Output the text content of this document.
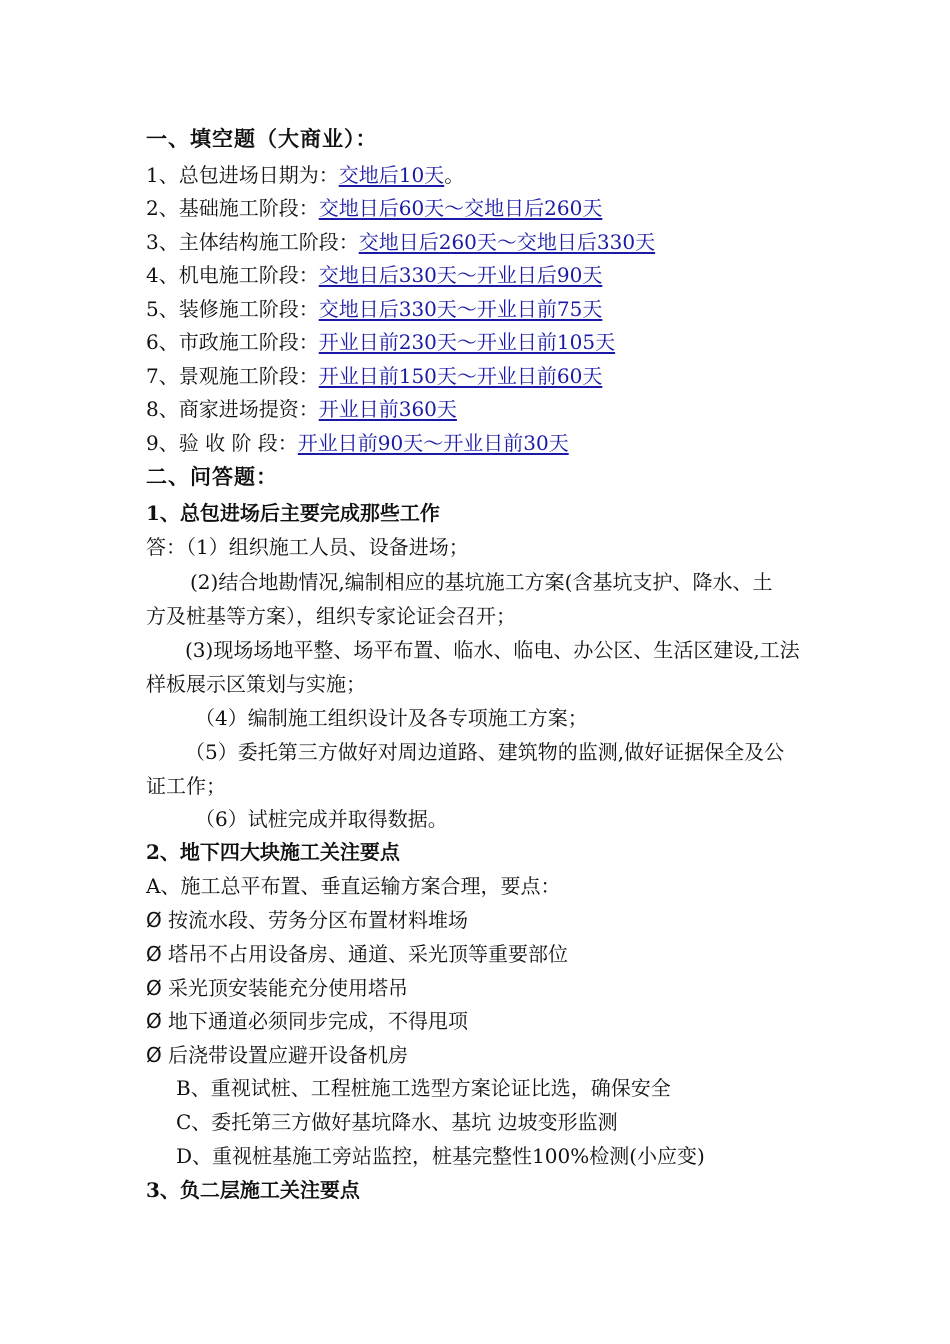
一、填空题（大商业）：
1、总包进场日期为：交地后10天。
2、基础施工阶段：交地日后60天～交地日后260天
3、主体结构施工阶段：交地日后260天～交地日后330天
4、机电施工阶段：交地日后330天～开业日后90天
5、装修施工阶段：交地日后330天～开业日前75天
6、市政施工阶段：开业日前230天～开业日前105天
7、景观施工阶段：开业日前150天～开业日前60天
8、商家进场提资：开业日前360天
9、验 收 阶 段：开业日前90天～开业日前30天
二、问答题：
1、总包进场后主要完成那些工作
答：（1）组织施工人员、设备进场；
(2)结合地勘情况,编制相应的基坑施工方案(含基坑支护、降水、土
方及桩基等方案），组织专家论证会召开；
(3)现场场地平整、场平布置、临水、临电、办公区、生活区建设,工法
样板展示区策划与实施；
（4）编制施工组织设计及各专项施工方案；
（5）委托第三方做好对周边道路、建筑物的监测,做好证据保全及公
证工作；
（6）试桩完成并取得数据。
2、地下四大块施工关注要点
A、施工总平布置、垂直运输方案合理，要点：
Ø 按流水段、劳务分区布置材料堆场
Ø 塔吊不占用设备房、通道、采光顶等重要部位
Ø 采光顶安装能充分使用塔吊
Ø 地下通道必须同步完成，不得甩项
Ø 后浇带设置应避开设备机房
B、重视试桩、工程桩施工选型方案论证比选，确保安全
C、委托第三方做好基坑降水、基坑 边坡变形监测
D、重视桩基施工旁站监控，桩基完整性100%检测(小应变)
3、负二层施工关注要点
